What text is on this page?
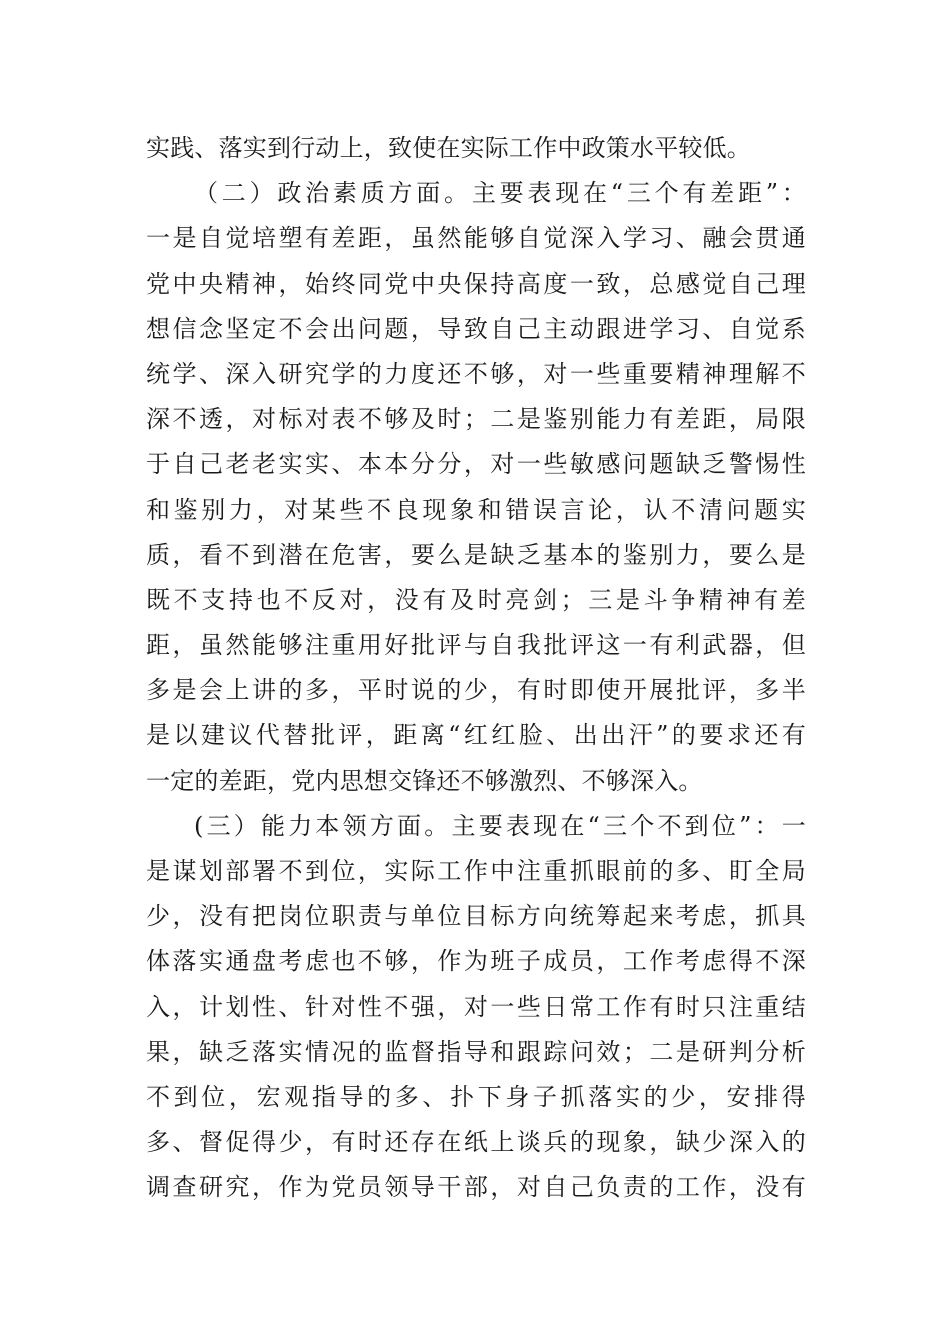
实践、落实到行动上，致使在实际工作中政策水平较低。
（二）政治素质方面。主要表现在“三个有差距”：
一是自觉培塑有差距，虽然能够自觉深入学习、融会贯通
党中央精神，始终同党中央保持高度一致，总感觉自己理
想信念坚定不会出问题，导致自己主动跟进学习、自觉系
统学、深入研究学的力度还不够，对一些重要精神理解不
深不透，对标对表不够及时；二是鉴别能力有差距，局限
于自己老老实实、本本分分，对一些敏感问题缺乏警惕性
和鉴别力，对某些不良现象和错误言论，认不清问题实
质，看不到潜在危害，要么是缺乏基本的鉴别力，要么是
既不支持也不反对，没有及时亮剑；三是斗争精神有差
距，虽然能够注重用好批评与自我批评这一有利武器，但
多是会上讲的多，平时说的少，有时即使开展批评，多半
是以建议代替批评，距离“红红脸、出出汗”的要求还有
一定的差距，党内思想交锋还不够激烈、不够深入。
(三）能力本领方面。主要表现在“三个不到位”：一
是谋划部署不到位，实际工作中注重抓眼前的多、盯全局
少，没有把岗位职责与单位目标方向统筹起来考虑，抓具
体落实通盘考虑也不够，作为班子成员，工作考虑得不深
入，计划性、针对性不强，对一些日常工作有时只注重结
果，缺乏落实情况的监督指导和跟踪问效；二是研判分析
不到位，宏观指导的多、扑下身子抓落实的少，安排得
多、督促得少，有时还存在纸上谈兵的现象，缺少深入的
调查研究，作为党员领导干部，对自己负责的工作，没有
